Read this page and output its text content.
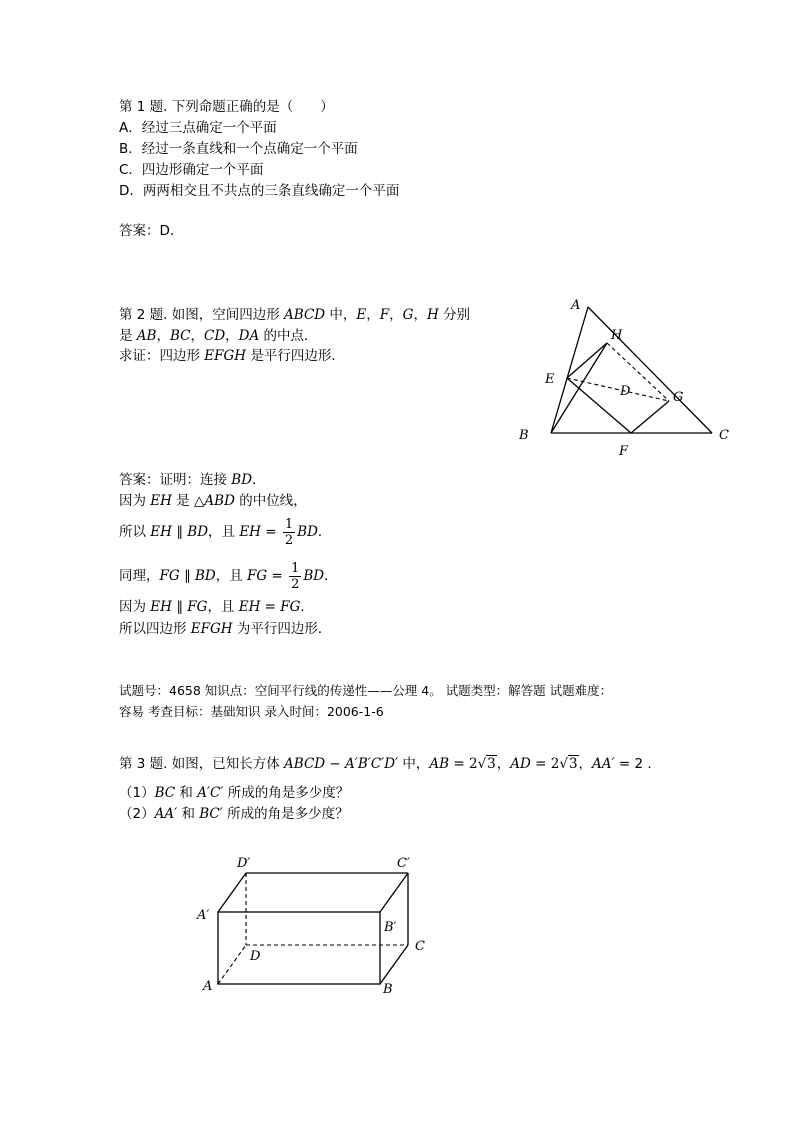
第 1 题. 下列命题正确的是（　　）
A．经过三点确定一个平面
B．经过一条直线和一个点确定一个平面
C．四边形确定一个平面
D．两两相交且不共点的三条直线确定一个平面
答案：D．
第 2 题. 如图，空间四边形 ABCD 中，E，F，G，H 分别
是 AB，BC，CD，DA 的中点．
求证：四边形 EFGH 是平行四边形．
A
H
E
D	G
B
F
C
答案：证明：连接 BD．
因为 EH 是 △ABD 的中位线，
所以 EH ∥ BD，且 EH = $\frac{1}{2}$ BD．
同理，FG ∥ BD，且 FG = $\frac{1}{2}$ BD．
因为 EH ∥ FG，且 EH = FG．
所以四边形 EFGH 为平行四边形．
试题号：4658 知识点：空间平行线的传递性——公理 4。 试题类型：解答题 试题难度：
容易 考查目标：基础知识 录入时间：2006-1-6
第 3 题. 如图，已知长方体 ABCD − A′B′C′D′ 中，AB = 2√3，AD = 2√3，AA′ = 2 .
（1）BC 和 A′C′ 所成的角是多少度？
（2）AA′ 和 BC′ 所成的角是多少度？
D′	C′
A′
B′
C
D
A	B
